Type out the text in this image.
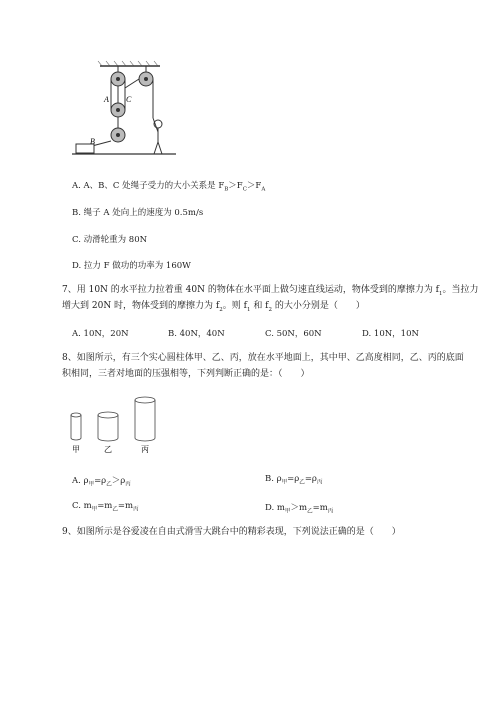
A C
B
A. A、B、C 处绳子受力的大小关系是 $F_B>F_C>F_A$
B. 绳子 A 处向上的速度为 0.5m/s
C. 动滑轮重为 80N
D. 拉力 F 做功的功率为 160W
7、用 10N 的水平拉力拉着重 40N 的物体在水平面上做匀速直线运动，物体受到的摩擦力为 $f_1$。当拉力
增大到 20N 时，物体受到的摩擦力为 $f_2$。则 $f_1$ 和 $f_2$ 的大小分别是（　　）
A. 10N，20N	B. 40N，40N	C. 50N，60N	D. 10N，10N
8、如图所示，有三个实心圆柱体甲、乙、丙，放在水平地面上，其中甲、乙高度相同，乙、丙的底面
积相同，三者对地面的压强相等，下列判断正确的是：（　　）
甲	乙	丙
A. $\rho_甲=\rho_乙>\rho_丙$
B. $\rho_甲=\rho_乙=\rho_丙$
C. $m_甲=m_乙=m_丙$	D. $m_甲>m_乙=m_丙$
9、如图所示是谷爱凌在自由式滑雪大跳台中的精彩表现，下列说法正确的是（　　）
